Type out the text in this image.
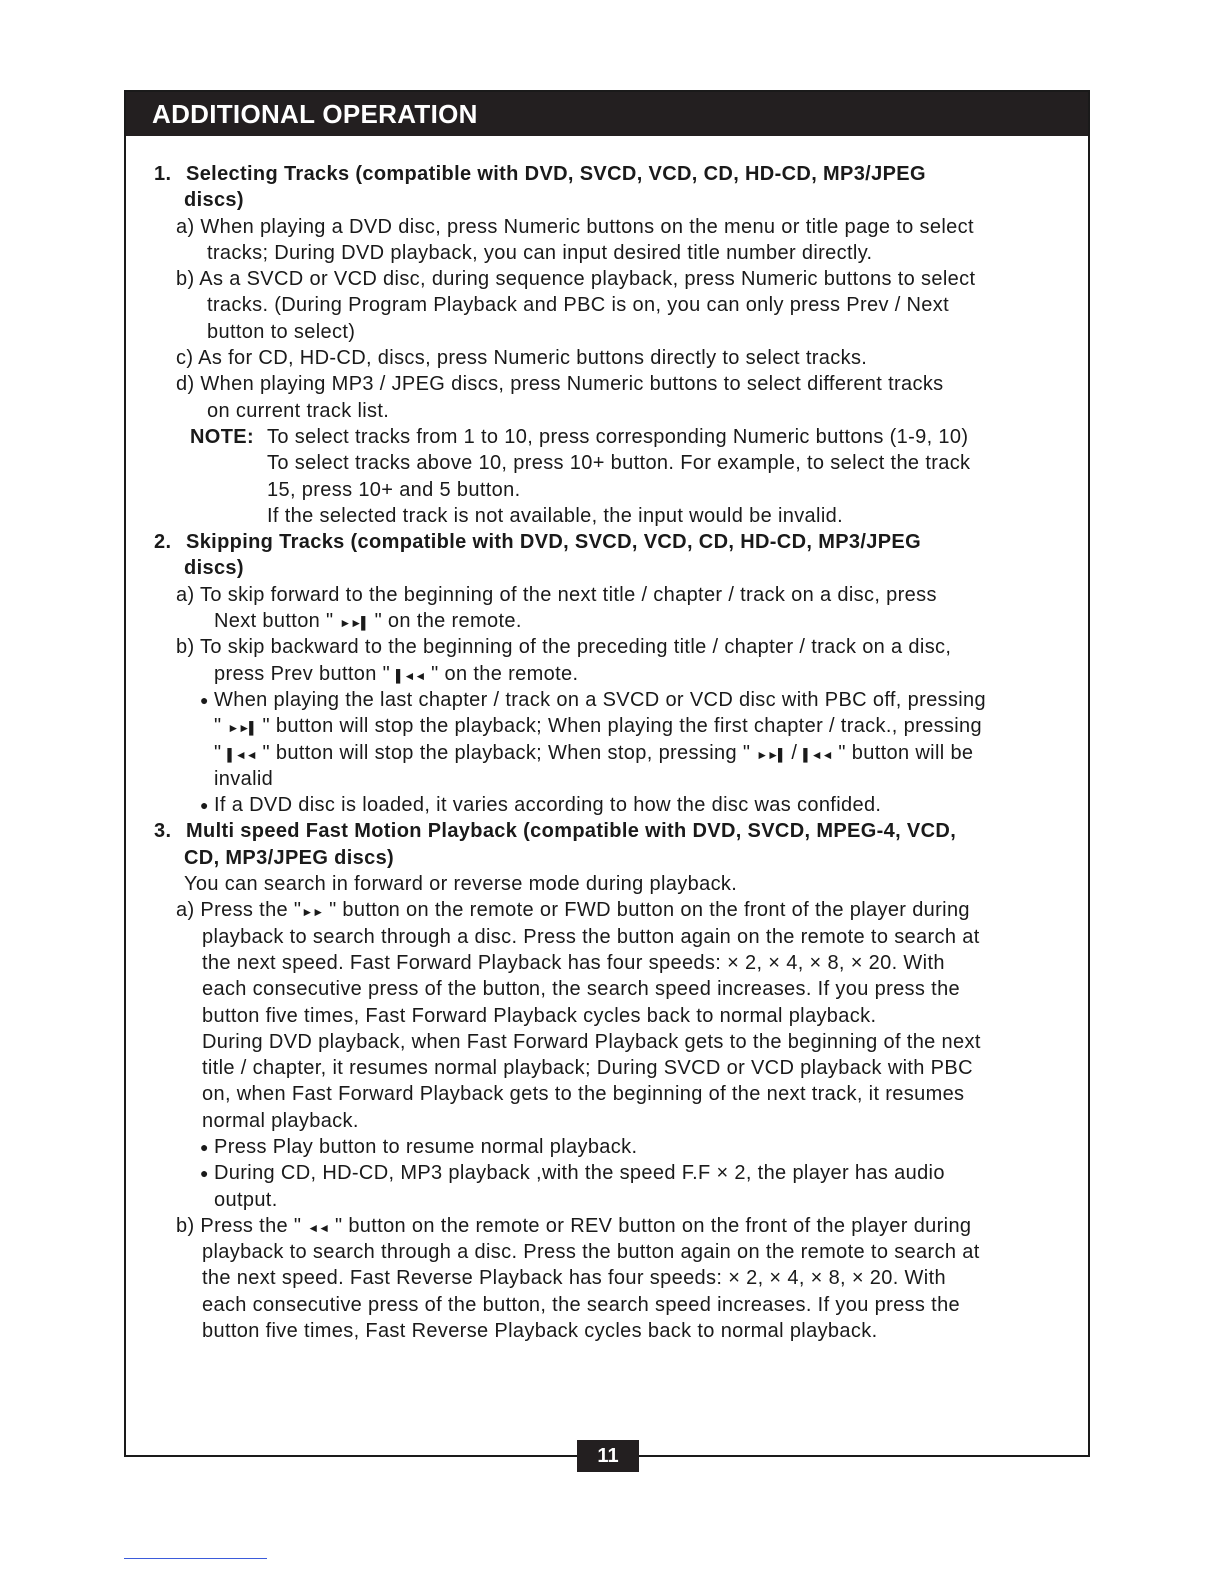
ADDITIONAL OPERATION
1. Selecting Tracks (compatible with DVD, SVCD, VCD, CD, HD-CD, MP3/JPEG
discs)
a) When playing a DVD disc, press Numeric buttons on the menu or title page to select
tracks; During DVD playback, you can input desired title number directly.
b) As a SVCD or VCD disc, during sequence playback, press Numeric buttons to select
tracks. (During Program Playback and PBC is on, you can only press Prev / Next
button to select)
c) As for CD, HD-CD, discs, press Numeric buttons directly to select tracks.
d) When playing MP3 / JPEG discs, press Numeric buttons to select different tracks
on current track list.
NOTE: To select tracks from 1 to 10, press corresponding Numeric buttons (1-9, 10)
To select tracks above 10, press 10+ button. For example, to select the track
15, press 10+ and 5 button.
If the selected track is not available, the input would be invalid.
2. Skipping Tracks (compatible with DVD, SVCD, VCD, CD, HD-CD, MP3/JPEG
discs)
a) To skip forward to the beginning of the next title / chapter / track on a disc, press
Next button " ►►▌ " on the remote.
b) To skip backward to the beginning of the preceding title / chapter / track on a disc,
press Prev button " ▌◄◄ " on the remote.
● When playing the last chapter / track on a SVCD or VCD disc with PBC off, pressing
" ►►▌ " button will stop the playback; When playing the first chapter / track., pressing
" ▌◄◄ " button will stop the playback; When stop, pressing " ►►▌ / ▌◄◄ " button will be
invalid
● If a DVD disc is loaded, it varies according to how the disc was confided.
3. Multi speed Fast Motion Playback (compatible with DVD, SVCD, MPEG-4, VCD,
CD, MP3/JPEG discs)
You can search in forward or reverse mode during playback.
a) Press the "►► " button on the remote or FWD button on the front of the player during
playback to search through a disc. Press the button again on the remote to search at
the next speed. Fast Forward Playback has four speeds: × 2, × 4, × 8, × 20. With
each consecutive press of the button, the search speed increases. If you press the
button five times, Fast Forward Playback cycles back to normal playback.
During DVD playback, when Fast Forward Playback gets to the beginning of the next
title / chapter, it resumes normal playback; During SVCD or VCD playback with PBC
on, when Fast Forward Playback gets to the beginning of the next track, it resumes
normal playback.
● Press Play button to resume normal playback.
● During CD, HD-CD, MP3 playback ,with the speed F.F × 2, the player has audio
output.
b) Press the " ◄◄ " button on the remote or REV button on the front of the player during
playback to search through a disc. Press the button again on the remote to search at
the next speed. Fast Reverse Playback has four speeds: × 2, × 4, × 8, × 20. With
each consecutive press of the button, the search speed increases. If you press the
button five times, Fast Reverse Playback cycles back to normal playback.
11
